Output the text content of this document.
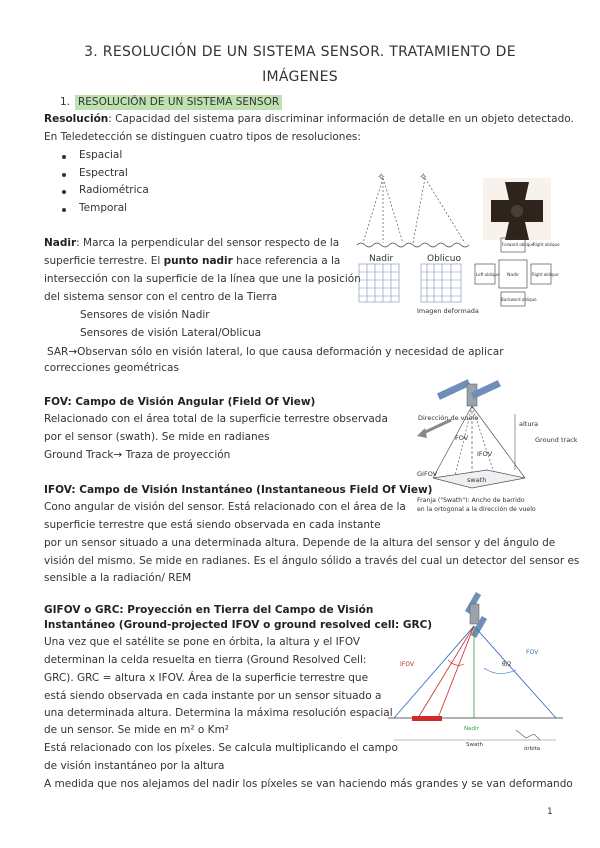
3. RESOLUCIÓN DE UN SISTEMA SENSOR. TRATAMIENTO DE
IMÁGENES
1. RESOLUCIÓN DE UN SISTEMA SENSOR
Resolución: Capacidad del sistema para discriminar información de detalle en un objeto detectado.
En Teledetección se distinguen cuatro tipos de resoluciones:
Espacial
Espectral
Radiométrica
Temporal
Nadir: Marca la perpendicular del sensor respecto de la
superficie terrestre. El punto nadir hace referencia a la
intersección con la superficie de la línea que une la posición
del sistema sensor con el centro de la Tierra
Sensores de visión Nadir
Sensores de visión Lateral/Oblicua
SAR→Observan sólo en visión lateral, lo que causa deformación y necesidad de aplicar
correcciones geométricas
✧	✧
Nadir	Oblicuo
Imagen deformada
Forward oblique
Right oblique
Left oblique Nadir	Right oblique
Backward oblique
FOV: Campo de Visión Angular (Field Of View)
Relacionado con el área total de la superficie terrestre observada
por el sensor (swath). Se mide en radianes
Ground Track→ Traza de proyección
Dirección de vuelo
altura
Ground track
FOV
IFOV
GIFOV
swath
Franja ("Swath"): Ancho de barrido
en la ortogonal a la dirección de vuelo
IFOV: Campo de Visión Instantáneo (Instantaneous Field Of View)
Cono angular de visión del sensor. Está relacionado con el área de la
superficie terrestre que está siendo observada en cada instante
por un sensor situado a una determinada altura. Depende de la altura del sensor y del ángulo de
visión del mismo. Se mide en radianes. Es el ángulo sólido a través del cual un detector del sensor es
sensible a la radiación/ REM
GIFOV o GRC: Proyección en Tierra del Campo de Visión
Instantáneo (Ground-projected IFOV o ground resolved cell: GRC)
Una vez que el satélite se pone en órbita, la altura y el IFOV
determinan la celda resuelta en tierra (Ground Resolved Cell:
GRC). GRC = altura x IFOV. Área de la superficie terrestre que
está siendo observada en cada instante por un sensor situado a
una determinada altura. Determina la máxima resolución espacial
de un sensor. Se mide en m² o Km²
Está relacionado con los píxeles. Se calcula multiplicando el campo
de visión instantáneo por la altura
A medida que nos alejamos del nadir los píxeles se van haciendo más grandes y se van deformando
IFOV
FOV
θ/2
Nadir
Swath
órbita
1
